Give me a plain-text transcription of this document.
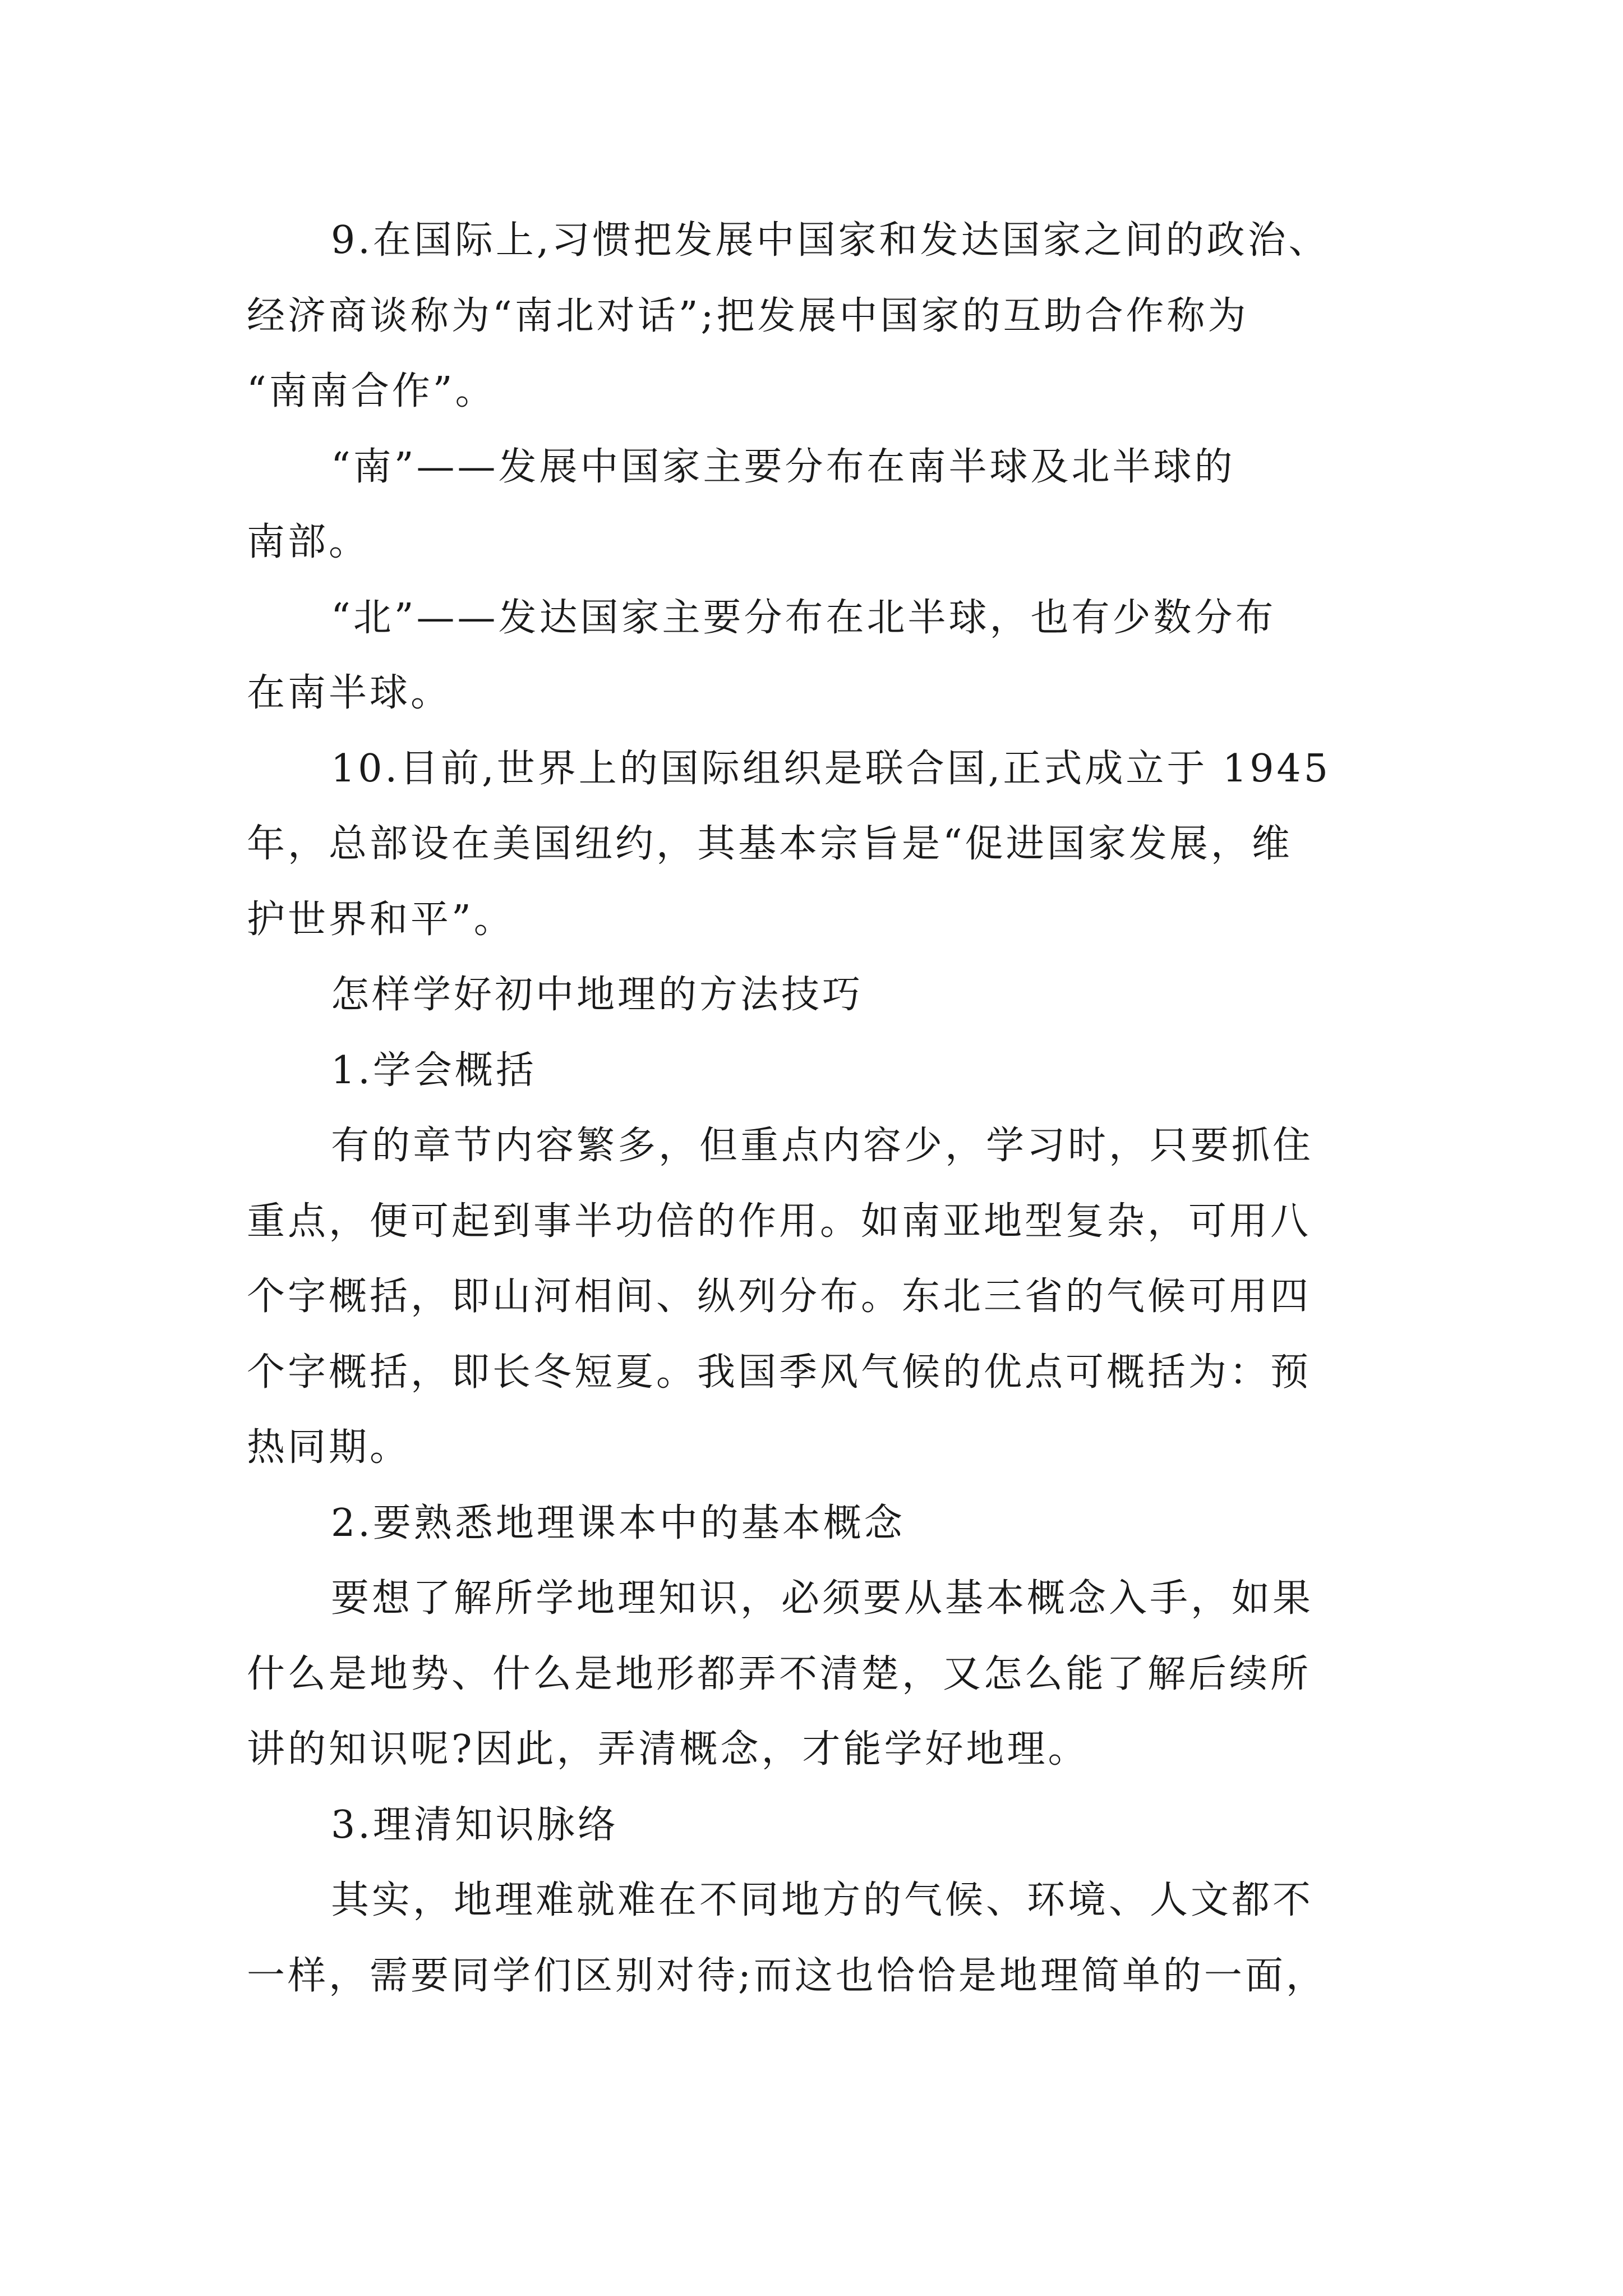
9.在国际上,习惯把发展中国家和发达国家之间的政治、
经济商谈称为“南北对话”;把发展中国家的互助合作称为
“南南合作”。
“南”——发展中国家主要分布在南半球及北半球的
南部。
“北”——发达国家主要分布在北半球，也有少数分布
在南半球。
10.目前,世界上的国际组织是联合国,正式成立于 1945
年，总部设在美国纽约，其基本宗旨是“促进国家发展，维
护世界和平”。
怎样学好初中地理的方法技巧
1.学会概括
有的章节内容繁多，但重点内容少，学习时，只要抓住
重点，便可起到事半功倍的作用。如南亚地型复杂，可用八
个字概括，即山河相间、纵列分布。东北三省的气候可用四
个字概括，即长冬短夏。我国季风气候的优点可概括为：预
热同期。
2.要熟悉地理课本中的基本概念
要想了解所学地理知识，必须要从基本概念入手，如果
什么是地势、什么是地形都弄不清楚，又怎么能了解后续所
讲的知识呢?因此，弄清概念，才能学好地理。
3.理清知识脉络
其实，地理难就难在不同地方的气候、环境、人文都不
一样，需要同学们区别对待;而这也恰恰是地理简单的一面，
